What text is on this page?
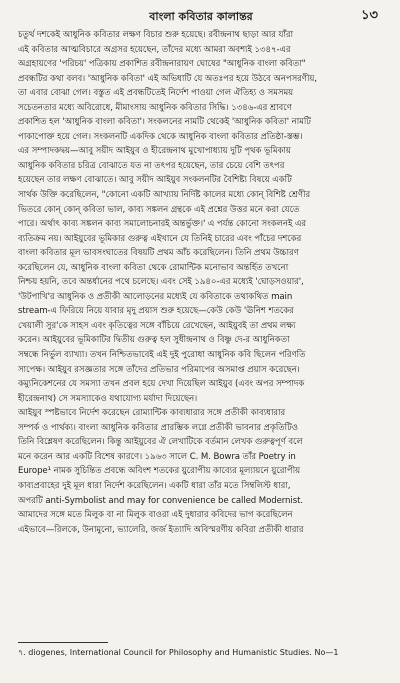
বাংলা কবিতার কালান্তর	১৩
চতুর্থ দশকেই আধুনিক কবিতার লক্ষণ বিচার শুরু হয়েছে। রবীন্দ্রনাথ ছাড়া আর যাঁরা
এই কবিতার আত্মবিচারে অগ্রসর হয়েছেন, তাঁদের মধ্যে আমরা অবশ্যই ১৩৪৭-এর
অগ্রহায়ণের 'পরিচয়' পত্রিকায় প্রকাশিত রবীন্দ্রনারায়ণ ঘোষের "আধুনিক বাংলা কবিতা"
প্রবন্ধটির কথা বলব। 'আধুনিক কবিতা' এই অভিধাটি যে অতঃপর হয়ে উঠবে অনপসরণীয়,
তা এবার বোঝা গেল। বস্তুত এই প্রবন্ধটিতেই নির্দেশ পাওয়া গেল ঐতিহ্য ও সমসময়
সচেতনতার মধ্যে অবিরোধে, মীমাংসায় আধুনিক কবিতার সিদ্ধি। ১৩৪৬-এর শ্রাবণে
প্রকাশিত হল 'আধুনিক বাংলা কবিতা'। সংকলনের নামটি থেকেই 'আধুনিক কবিতা' নামটি
পাকাপোক্ত হয়ে গেল। সংকলনটি একদিক থেকে আধুনিক বাংলা কবিতার প্রতিষ্ঠা-স্তম্ভ।
এর সম্পাদকদ্বয়—আবু সয়ীদ আইয়ুব ও হীরেন্দ্রনাথ মুখোপাধ্যায় দুটি পৃথক ভূমিকায়
আধুনিক কবিতার চরিত্র বোঝাতে যত না তৎপর হয়েছেন, তার চেয়ে বেশি তৎপর
হয়েছেন তার লক্ষণ বোঝাতে। আবু সয়ীদ আইয়ুব সংকলনটির বৈশিষ্ট্য বিষয়ে একটি
সার্থক উক্তি করেছিলেন, "কোনো একটি আখ্যায় নির্দিষ্ট কালের মধ্যে কোন্ বিশিষ্ট শ্রেণীর
ভিতরে কোন্ কোন্ কবিতা ভাল, কাব্য সঙ্কলন গ্রন্থকে এই প্রশ্নের উত্তর মনে করা যেতে
পারে। অর্থাৎ কাব্য সঙ্কলন কাব্য সমালোচনারই অন্তর্ভুক্ত।' এ পর্যন্ত কোনো সংকলনই এর
ব্যতিক্রম নয়। আইয়ুবের ভূমিকার গুরুত্ব এইখানে যে তিনিই চারের এবং পাঁচের দশকের
বাংলা কবিতার মূল ভাবসংঘাতের বিষয়টি প্রথম আঁচ করেছিলেন। তিনি প্রথম উচ্চারণ
করেছিলেন যে, আধুনিক বাংলা কবিতা থেকে রোমান্টিক মনোভাব অন্তর্হিত তখনো
নিশ্চয় হয়নি, তবে অন্তর্ধানের পথে চলেছে। এবং সেই ১৯৪০-এর মধ্যেই 'ঘোড়সওয়ার',
'উটপাখি'র আধুনিক ও প্রতীকী আলোড়নের মধ্যেই যে কবিতাকে তথাকথিত main
stream-এ ফিরিয়ে নিয়ে যাবার মৃদু প্রয়াস শুরু হয়েছে—কেউ কেউ 'ঊনিশ শতকের
খেয়ালী সুর'কে সাহস এবং কৃতিত্বের সঙ্গে বাঁচিয়ে রেখেছেন, আইয়ুবই তা প্রথম লক্ষ্য
করেন। আইয়ুবের ভূমিকাটির দ্বিতীয় গুরুত্ব হল সুধীন্দ্রনাথ ও বিষ্ণু দে-র আধুনিকতা
সম্বন্ধে নির্ভুল ব্যাখ্যা। তখন নিশ্চিতভাবেই এই দুই পুরোধা আধুনিক কবি ছিলেন পরিণতি
সাপেক্ষ। আইয়ুব রসজ্ঞতার সঙ্গে তাঁদের প্রতিভার পরিমাপের অসমাপ্ত প্রয়াস করেছেন।
কম্যুনিকেশনের যে সমস্যা তখন প্রবল হয়ে দেখা দিয়েছিল আইয়ুব (এবং অপর সম্পাদক
হীরেন্দ্রনাথ) সে সমস্যাকেও যথাযোগ্য মর্যাদা দিয়েছেন।
আইয়ুব স্পষ্টভাবে নির্দেশ করেছেন রোম্যান্টিক কাব্যধারার সঙ্গে প্রতীকী কাব্যধারার
সম্পর্ক ও পার্থক্য। বাংলা আধুনিক কবিতার প্রারম্ভিক লগ্নে প্রতীকী ভাবনার প্রকৃতিটিও
তিনি বিশ্লেষণ করেছিলেন। কিন্তু আইয়ুবের ঐ লেখাটিকে বর্তমান লেখক গুরুত্বপূর্ণ বলে
মনে করেন আর একটি বিশেষ কারণে। ১৯৬৩ সালে C. M. Bowra তাঁর Poetry in
Europe¹ নামক সুচিন্তিত প্রবন্ধে অবিংশ শতকের য়ুরোপীয় কাব্যের মূল্যায়নে য়ুরোপীয়
কাব্যপ্রবাহের দুই মূল ধারা নির্দেশ করেছিলেন। একটি ধারা তাঁর মতে সিম্বলিস্ট ধারা,
অপরটি anti-Symbolist and may for convenience be called Modernist.
আমাদের সঙ্গে মতে মিলুক বা না মিলুক বাওরা এই দুধারার কবিদের ভাগ করেছিলেন
এইভাবে—রিলকে, উনামুনো, ভ্যালেরি, জর্জ ইত্যাদি অবিস্মরণীয় কবিরা প্রতীকী ধারার
৭. diogenes, International Council for Philosophy and Humanistic Studies. No—1
